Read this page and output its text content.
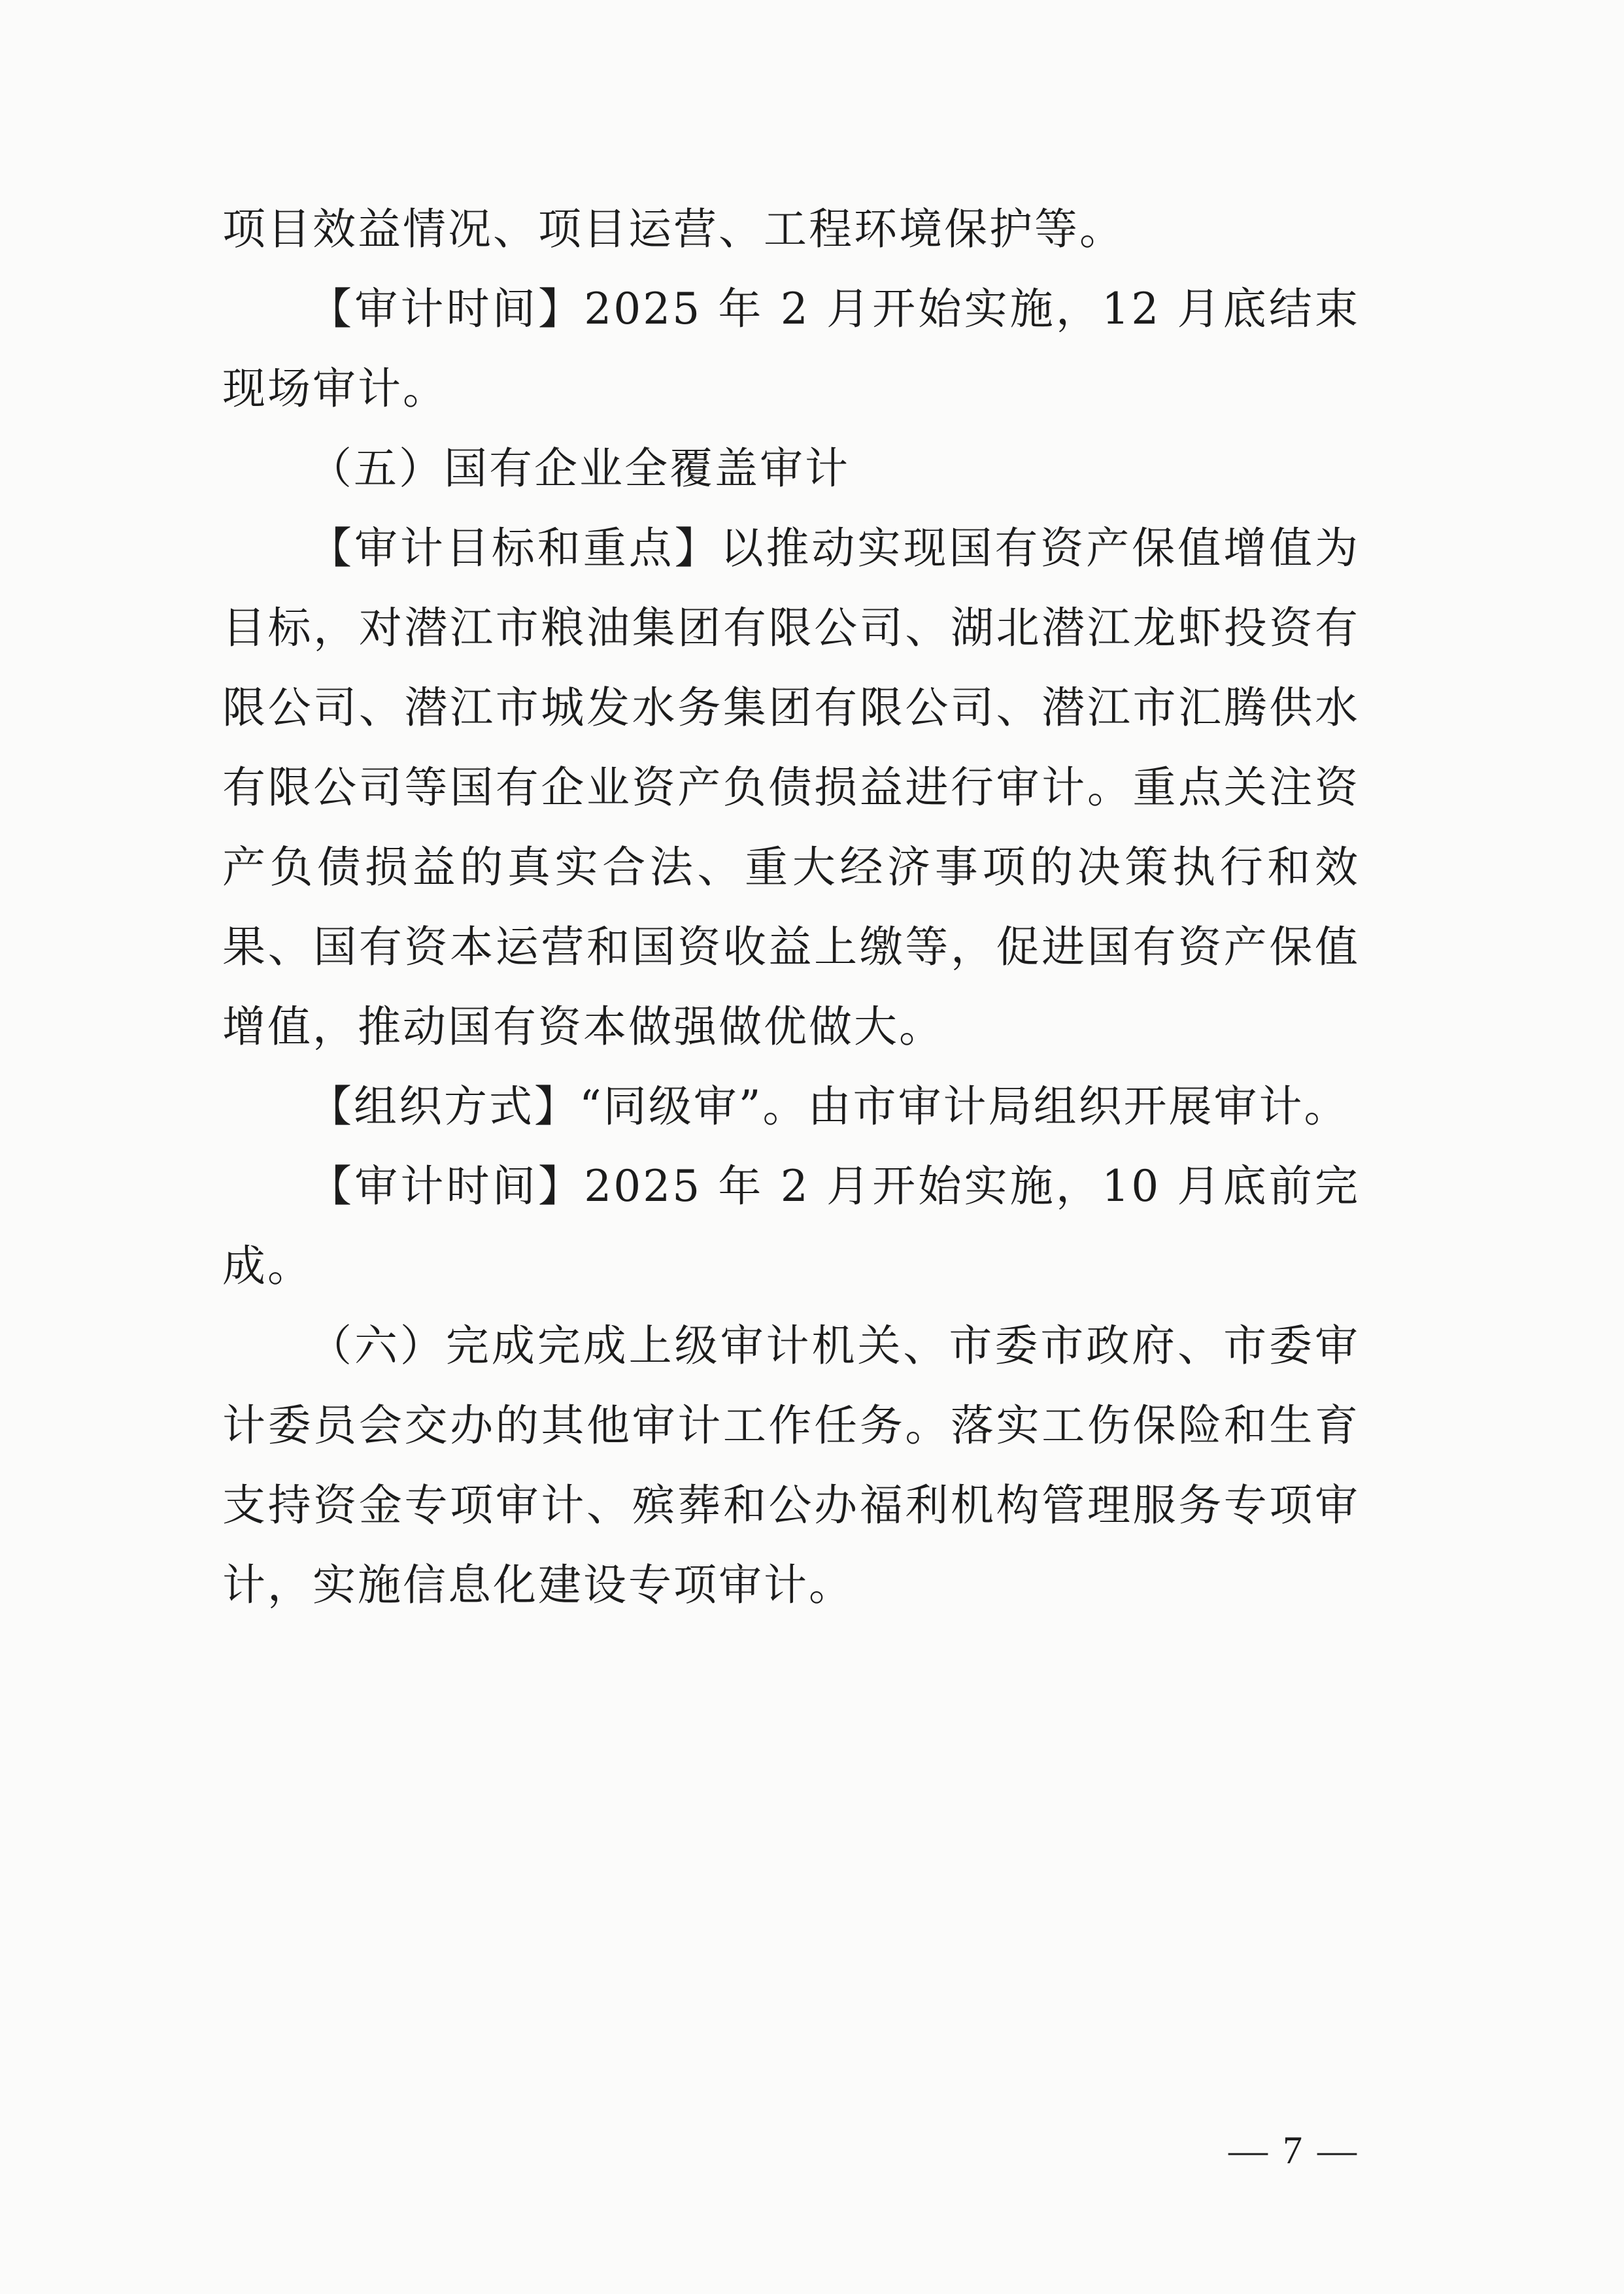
项目效益情况、项目运营、工程环境保护等。

【审计时间】2025 年 2 月开始实施，12 月底结束现场审计。

（五）国有企业全覆盖审计

【审计目标和重点】以推动实现国有资产保值增值为目标，对潜江市粮油集团有限公司、湖北潜江龙虾投资有限公司、潜江市城发水务集团有限公司、潜江市汇腾供水有限公司等国有企业资产负债损益进行审计。重点关注资产负债损益的真实合法、重大经济事项的决策执行和效果、国有资本运营和国资收益上缴等，促进国有资产保值增值，推动国有资本做强做优做大。

【组织方式】“同级审”。由市审计局组织开展审计。

【审计时间】2025 年 2 月开始实施，10 月底前完成。

（六）完成完成上级审计机关、市委市政府、市委审计委员会交办的其他审计工作任务。落实工伤保险和生育支持资金专项审计、殡葬和公办福利机构管理服务专项审计，实施信息化建设专项审计。

— 7 —
